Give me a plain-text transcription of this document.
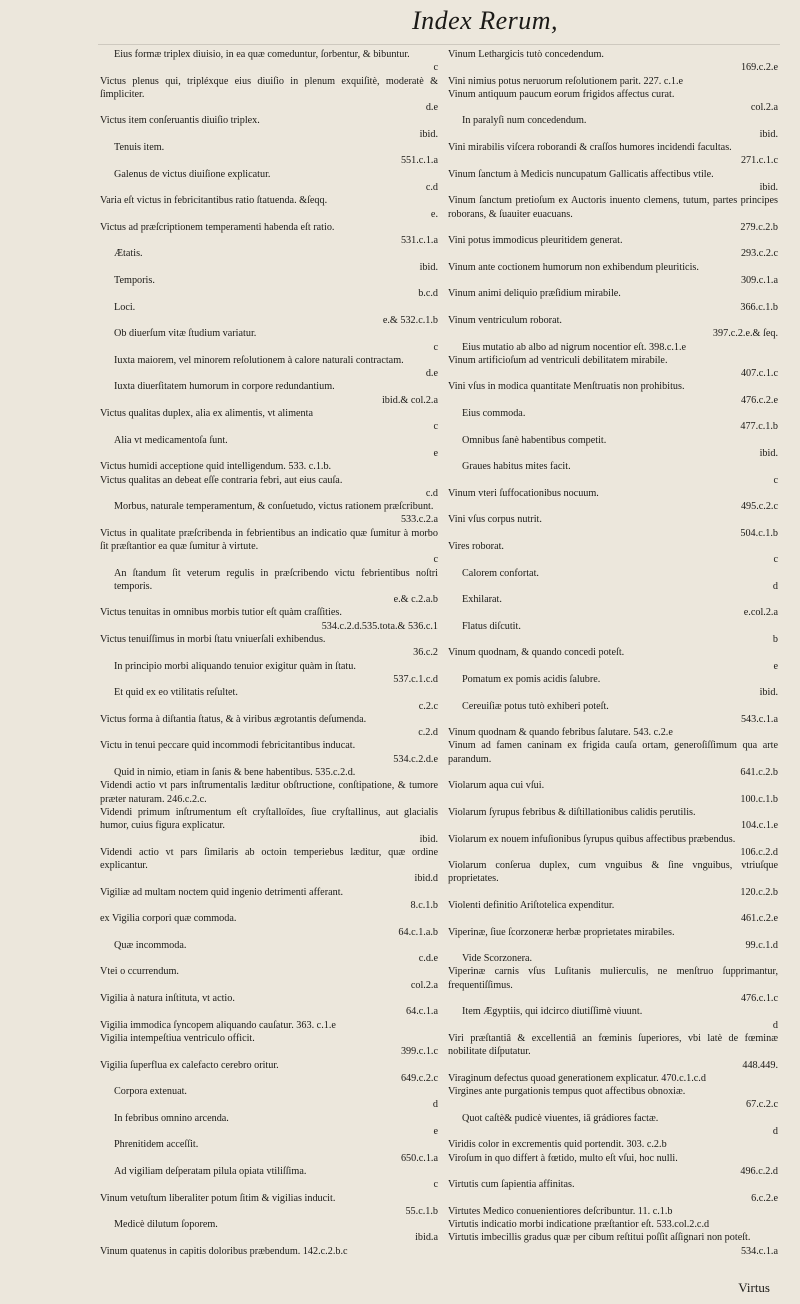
Index Rerum,
Eius formæ triplex diuisio, in ea quæ comeduntur, ſorbentur, & bibuntur.
c
Victus plenus qui, tripléxque eius diuiſio in plenum exquiſitè, moderatè & ſimpliciter.
d.e
Victus item conſeruantis diuiſio triplex.
ibid.
Tenuis item.
551.c.1.a
Galenus de victus diuiſione explicatur.
c.d
Varia eſt victus in febricitantibus ratio ſtatuenda. &ſeqq.
e.
Victus ad præſcriptionem temperamenti habenda eſt ratio.
531.c.1.a
Ætatis.
ibid.
Temporis.
b.c.d
Loci.
e.& 532.c.1.b
Ob diuerſum vitæ ſtudium variatur.
c
Iuxta maiorem, vel minorem reſolutionem à calore naturali contractam.
d.e
Iuxta diuerſitatem humorum in corpore redundantium.
ibid.& col.2.a
Victus qualitas duplex, alia ex alimentis, vt alimenta
c
Alia vt medicamentoſa ſunt.
e
Victus humidi acceptione quid intelligendum. 533. c.1.b.
Victus qualitas an debeat eſſe contraria febri, aut eius cauſa.
c.d
Morbus, naturale temperamentum, & conſuetudo, victus rationem præſcribunt.
533.c.2.a
Victus in qualitate præſcribenda in febrientibus an indicatio quæ ſumitur à morbo ſit præſtantior ea quæ ſumitur à virtute.
c
An ſtandum ſit veterum regulis in præſcribendo victu febrientibus noſtri temporis.
e.& c.2.a.b
Victus tenuitas in omnibus morbis tutior eſt quàm craſſities.
534.c.2.d.535.tota.& 536.c.1
Victus tenuiſſimus in morbi ſtatu vniuerſali exhibendus.
36.c.2
In principio morbi aliquando tenuior exigitur quàm in ſtatu.
537.c.1.c.d
Et quid ex eo vtilitatis reſultet.
c.2.c
Victus forma à diſtantia ſtatus, & à viribus ægrotantis deſumenda.
c.2.d
Victu in tenui peccare quid incommodi febricitantibus inducat.
534.c.2.d.e
Quid in nimio, etiam in ſanis & bene habentibus. 535.c.2.d.
Videndi actio vt pars inſtrumentalis læditur obſtructione, conſtipatione, & tumore præter naturam. 246.c.2.c.
Videndi primum inſtrumentum eſt cryſtalloïdes, ſiue cryſtallinus, aut glacialis humor, cuius figura explicatur.
ibid.
Videndi actio vt pars ſimilaris ab octoin temperiebus læditur, quæ ordine explicantur.
ibid.d
Vigiliæ ad multam noctem quid ingenio detrimenti afferant.
8.c.1.b
ex Vigilia corpori quæ commoda.
64.c.1.a.b
Quæ incommoda.
c.d.e
Vtei o ccurrendum.
col.2.a
Vigilia à natura inſtituta, vt actio.
64.c.1.a
Vigilia immodica ſyncopem aliquando cauſatur. 363. c.1.e
Vigilia intempeſtiua ventriculo officit.
399.c.1.c
Vigilia ſuperflua ex calefacto cerebro oritur.
649.c.2.c
Corpora extenuat.
d
In febribus omnino arcenda.
e
Phrenitidem acceſſit.
650.c.1.a
Ad vigiliam deſperatam pilula opiata vtiliſſima.
c
Vinum vetuſtum liberaliter potum ſitim & vigilias inducit.
55.c.1.b
Medicè dilutum ſoporem.
ibid.a
Vinum quatenus in capitis doloribus præbendum. 142.c.2.b.c
Vinum Lethargicis tutò concedendum.
169.c.2.e
Vini nimius potus neruorum reſolutionem parit. 227. c.1.e
Vinum antiquum paucum eorum frigidos affectus curat.
col.2.a
In paralyſi num concedendum.
ibid.
Vini mirabilis viſcera roborandi & craſſos humores incidendi facultas.
271.c.1.c
Vinum ſanctum à Medicis nuncupatum Gallicatis affectibus vtile.
ibid.
Vinum ſanctum pretioſum ex Auctoris inuento clemens, tutum, partes principes roborans, & ſuauiter euacuans.
279.c.2.b
Vini potus immodicus pleuritidem generat.
293.c.2.c
Vinum ante coctionem humorum non exhibendum pleuriticis.
309.c.1.a
Vinum animi deliquio præſidium mirabile.
366.c.1.b
Vinum ventriculum roborat.
397.c.2.e.& ſeq.
Eius mutatio ab albo ad nigrum nocentior eſt. 398.c.1.e
Vinum artificioſum ad ventriculi debilitatem mirabile.
407.c.1.c
Vini vſus in modica quantitate Menſtruatis non prohibitus.
476.c.2.e
Eius commoda.
477.c.1.b
Omnibus ſanè habentibus competit.
ibid.
Graues habitus mites facit.
c
Vinum vteri ſuffocationibus nocuum.
495.c.2.c
Vini vſus corpus nutrit.
504.c.1.b
Vires roborat.
c
Calorem confortat.
d
Exhilarat.
e.col.2.a
Flatus diſcutit.
b
Vinum quodnam, & quando concedi poteſt.
e
Pomatum ex pomis acidis ſalubre.
ibid.
Cereuiſiæ potus tutò exhiberi poteſt.
543.c.1.a
Vinum quodnam & quando febribus ſalutare. 543. c.2.e
Vinum ad famen caninam ex frigida cauſa ortam, generoſiſſimum qua arte parandum.
641.c.2.b
Violarum aqua cui vſui.
100.c.1.b
Violarum ſyrupus febribus & diſtillationibus calidis perutilis.
104.c.1.e
Violarum ex nouem infuſionibus ſyrupus quibus affectibus præbendus.
106.c.2.d
Violarum conſerua duplex, cum vnguibus & ſine vnguibus, vtriuſque proprietates.
120.c.2.b
Violenti definitio Ariſtotelica expenditur.
461.c.2.e
Viperinæ, ſiue ſcorzoneræ herbæ proprietates mirabiles.
99.c.1.d
Vide Scorzonera.
Viperinæ carnis vſus Luſitanis mulierculis, ne menſtruo ſupprimantur, frequentiſſimus.
476.c.1.c
Item Ægyptiis, qui idcirco diutiſſimè viuunt.
d
Viri præſtantiâ & excellentiâ an fœminis ſuperiores, vbi latè de fœminæ nobilitate diſputatur.
448.449.
Viraginum defectus quoad generationem explicatur. 470.c.1.c.d
Virgines ante purgationis tempus quot affectibus obnoxiæ.
67.c.2.c
Quot caſtè& pudicè viuentes, iā grádiores factæ.
d
Viridis color in excrementis quid portendit. 303. c.2.b
Viroſum in quo differt à fœtido, multo eſt vſui, hoc nulli.
496.c.2.d
Virtutis cum ſapientia affinitas.
6.c.2.e
Virtutes Medico conuenientiores deſcribuntur. 11. c.1.b
Virtutis indicatio morbi indicatione præſtantior eſt. 533.col.2.c.d
Virtutis imbecillis gradus quæ per cibum reſtitui poſſit aſſignari non poteſt.
534.c.1.a
Virtus
